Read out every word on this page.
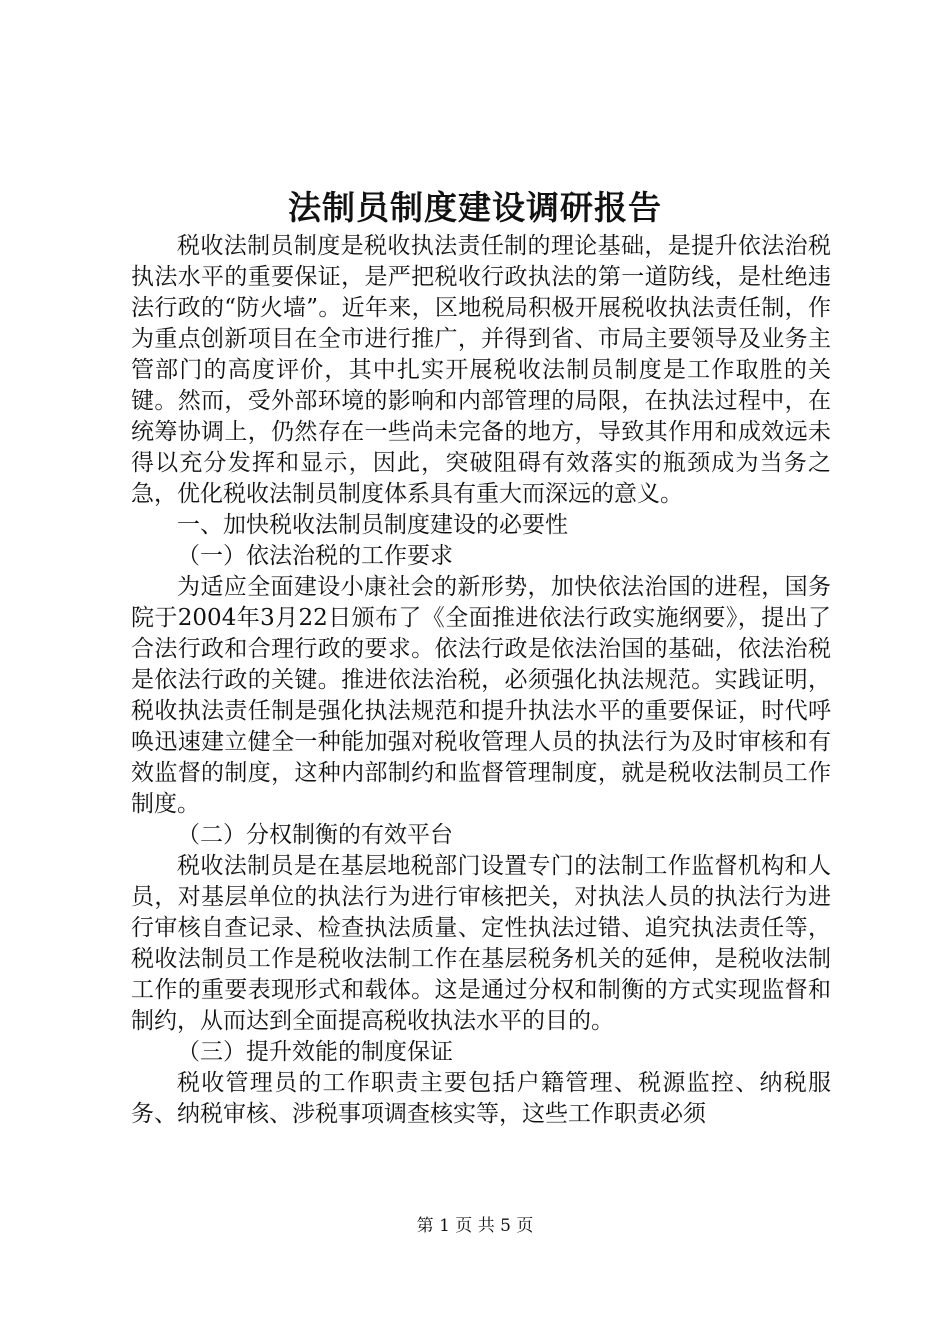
法制员制度建设调研报告

税收法制员制度是税收执法责任制的理论基础，是提升依法治税执法水平的重要保证，是严把税收行政执法的第一道防线，是杜绝违法行政的“防火墙”。近年来，区地税局积极开展税收执法责任制，作为重点创新项目在全市进行推广，并得到省、市局主要领导及业务主管部门的高度评价，其中扎实开展税收法制员制度是工作取胜的关键。然而，受外部环境的影响和内部管理的局限，在执法过程中，在统筹协调上，仍然存在一些尚未完备的地方，导致其作用和成效远未得以充分发挥和显示，因此，突破阻碍有效落实的瓶颈成为当务之急，优化税收法制员制度体系具有重大而深远的意义。

一、加快税收法制员制度建设的必要性

（一）依法治税的工作要求

为适应全面建设小康社会的新形势，加快依法治国的进程，国务院于2004年3月22日颁布了《全面推进依法行政实施纲要》，提出了合法行政和合理行政的要求。依法行政是依法治国的基础，依法治税是依法行政的关键。推进依法治税，必须强化执法规范。实践证明，税收执法责任制是强化执法规范和提升执法水平的重要保证，时代呼唤迅速建立健全一种能加强对税收管理人员的执法行为及时审核和有效监督的制度，这种内部制约和监督管理制度，就是税收法制员工作制度。

（二）分权制衡的有效平台

税收法制员是在基层地税部门设置专门的法制工作监督机构和人员，对基层单位的执法行为进行审核把关，对执法人员的执法行为进行审核自查记录、检查执法质量、定性执法过错、追究执法责任等，税收法制员工作是税收法制工作在基层税务机关的延伸，是税收法制工作的重要表现形式和载体。这是通过分权和制衡的方式实现监督和制约，从而达到全面提高税收执法水平的目的。

（三）提升效能的制度保证

税收管理员的工作职责主要包括户籍管理、税源监控、纳税服务、纳税审核、涉税事项调查核实等，这些工作职责必须

第 1 页 共 5 页
